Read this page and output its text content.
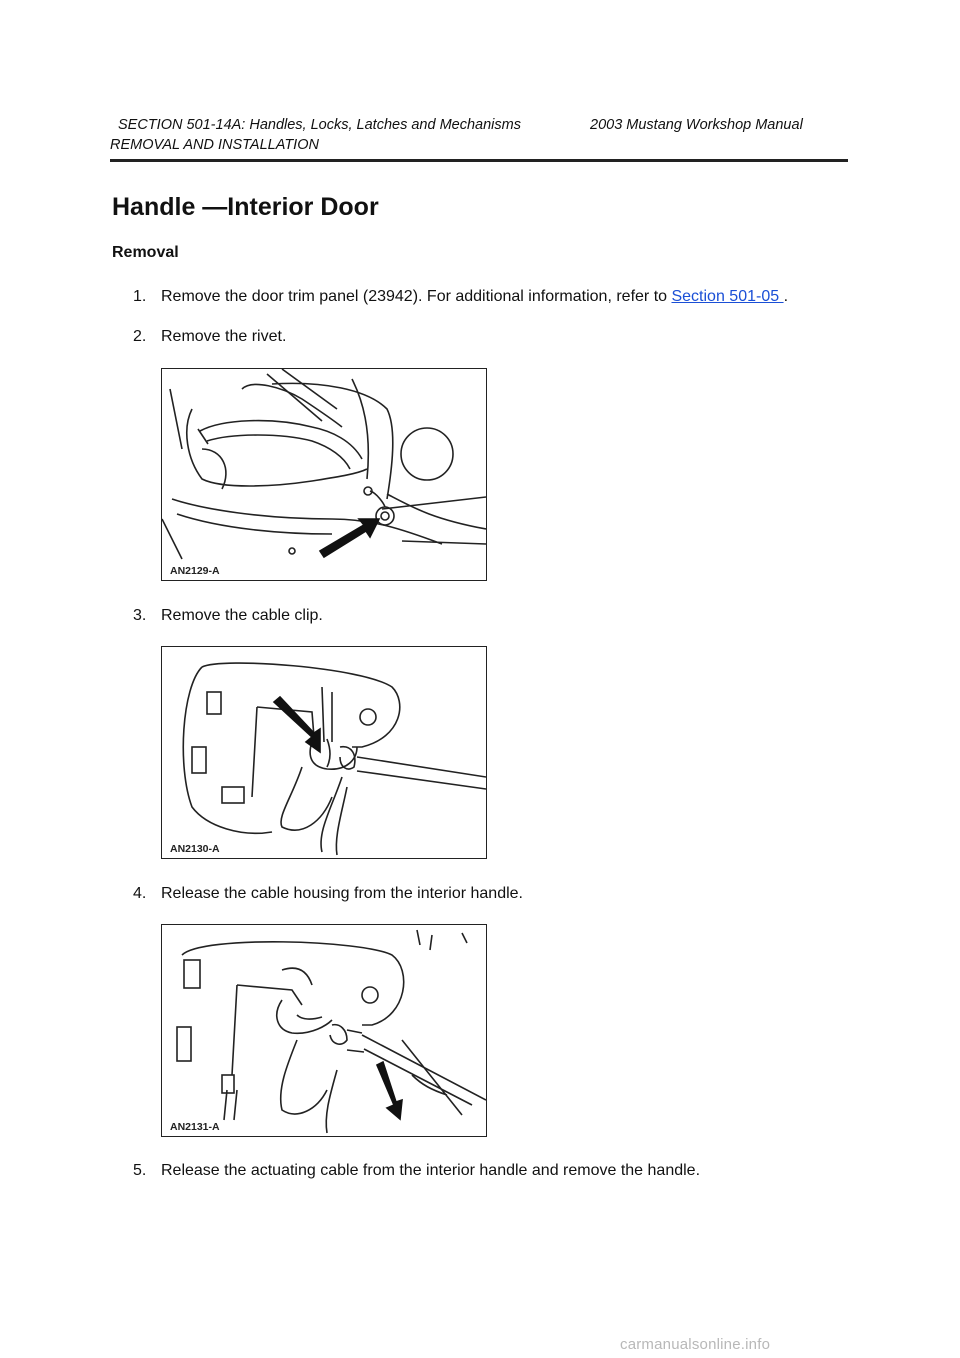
SECTION 501-14A: Handles, Locks, Latches and Mechanisms	2003 Mustang Workshop Manual
REMOVAL AND INSTALLATION
Handle —Interior Door
Removal
1. Remove the door trim panel (23942). For additional information, refer to Section 501-05 .
2. Remove the rivet.
AN2129-A
3. Remove the cable clip.
AN2130-A
4. Release the cable housing from the interior handle.
AN2131-A
5. Release the actuating cable from the interior handle and remove the handle.
carmanualsonline.info
